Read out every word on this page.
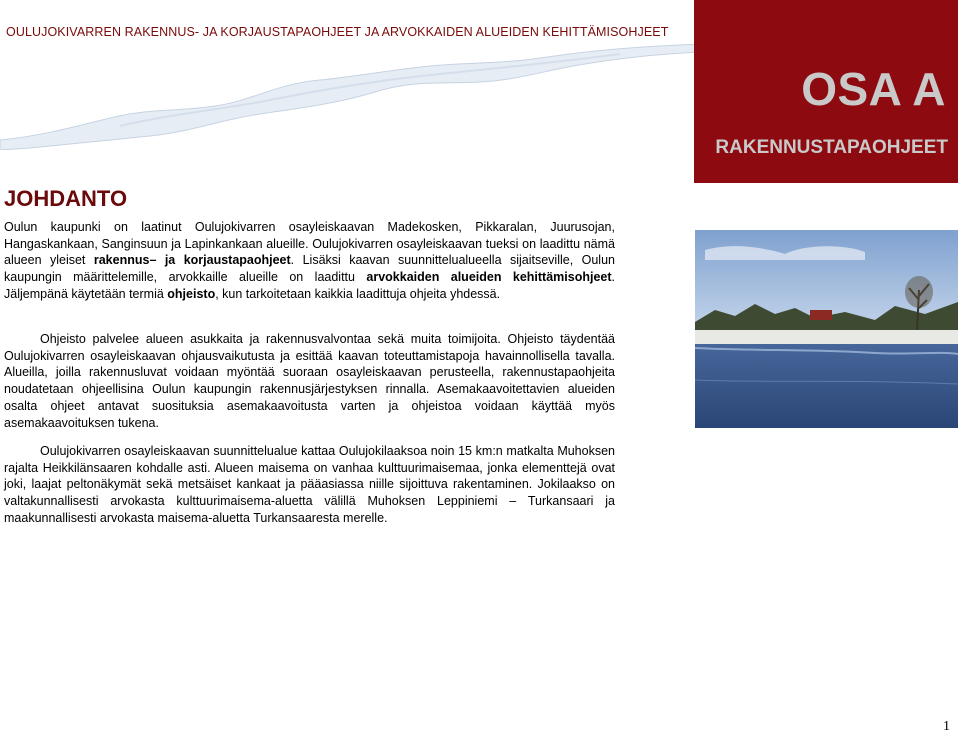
OULUJOKIVARREN RAKENNUS- JA KORJAUSTAPAOHJEET JA ARVOKKAIDEN ALUEIDEN KEHITTÄMISOHJEET
OSA A
RAKENNUSTAPAOHJEET
JOHDANTO

Oulun kaupunki on laatinut Oulujokivarren osayleiskaavan Madekosken, Pikkaralan, Juurusojan, Hangaskankaan, Sanginsuun ja Lapinkankaan alueille. Oulujokivarren osayleiskaavan tueksi on laadittu nämä alueen yleiset rakennus– ja korjaustapaohjeet. Lisäksi kaavan suunnittelualueella sijaitseville, Oulun kaupungin määrittelemille, arvokkaille alueille on laadittu arvokkaiden alueiden kehittämisohjeet. Jäljempänä käytetään termiä ohjeisto, kun tarkoitetaan kaikkia laadittuja ohjeita yhdessä.

Ohjeisto palvelee alueen asukkaita ja rakennusvalvontaa sekä muita toimijoita. Ohjeisto täydentää Oulujokivarren osayleiskaavan ohjausvaikutusta ja esittää kaavan toteuttamistapoja havainnollisella tavalla. Alueilla, joilla rakennusluvat voidaan myöntää suoraan osayleiskaavan perusteella, rakennustapaohjeita noudatetaan ohjeellisina Oulun kaupungin rakennusjärjestyksen rinnalla. Asemakaavoitettavien alueiden osalta ohjeet antavat suosituksia asemakaavoitusta varten ja ohjeistoa voidaan käyttää myös asemakaavoituksen tukena.

Oulujokivarren osayleiskaavan suunnittelualue kattaa Oulujokilaaksoa noin 15 km:n matkalta Muhoksen rajalta Heikkilänsaaren kohdalle asti. Alueen maisema on vanhaa kulttuurimaisemaa, jonka elementtejä ovat joki, laajat peltonäkymät sekä metsäiset kankaat ja pääasiassa niille sijoittuva rakentaminen. Jokilaakso on valtakunnallisesti arvokasta kulttuurimaisema-aluetta välillä Muhoksen Leppiniemi – Turkansaari ja maakunnallisesti arvokasta maisema-aluetta Turkansaaresta merelle.

1
